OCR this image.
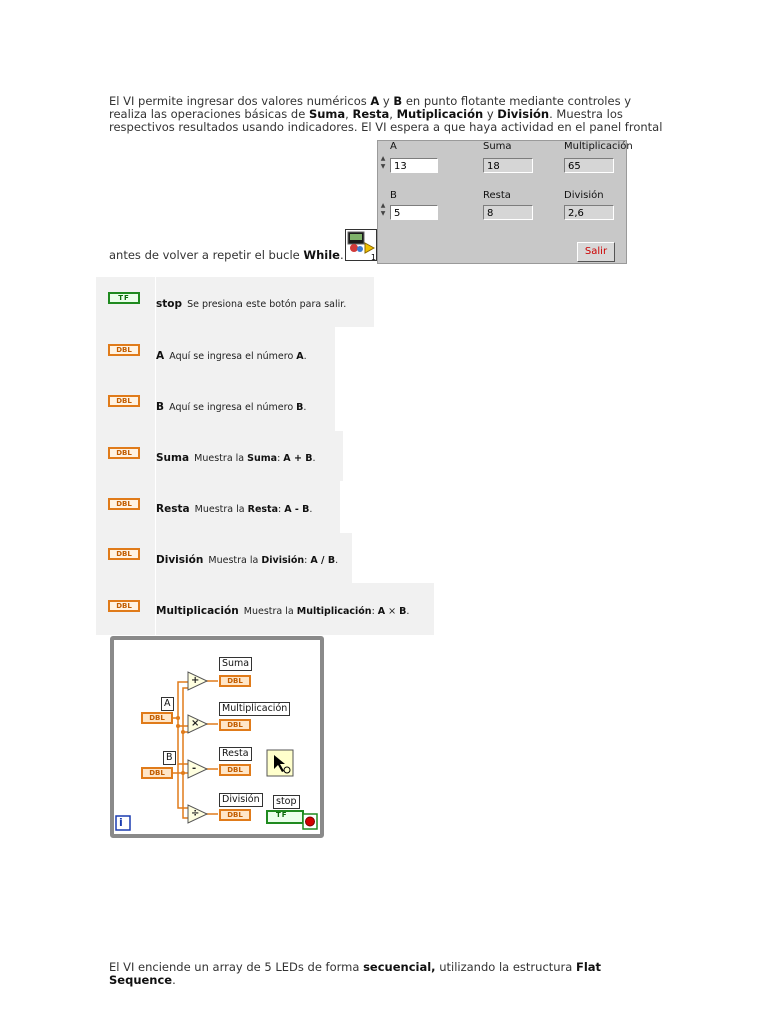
El VI permite ingresar dos valores numéricos A y B en punto flotante mediante controles y
realiza las operaciones básicas de Suma, Resta, Mutiplicación y División. Muestra los
respectivos resultados usando indicadores. El VI espera a que haya actividad en el panel frontal
antes de volver a repetir el bucle While.	1
A
▲
▼ 13
Suma
18
Multiplicación
65
B
▲
▼ 5
Resta
8
División
2,6
Salir
TF	stop Se presiona este botón para salir.
DBL	A Aquí se ingresa el número A.
DBL	B Aquí se ingresa el número B.
DBL	Suma Muestra la Suma: A + B.
DBL	Resta Muestra la Resta: A - B.
DBL	División Muestra la División: A / B.
DBL	Multiplicación Muestra la Multiplicación: A × B.
+
×
-
÷
Suma
DBL
Multiplicación
DBL
Resta
DBL
División
DBL
A
DBL
B
DBL
stop
TF
i
El VI enciende un array de 5 LEDs de forma secuencial, utilizando la estructura Flat
Sequence.
